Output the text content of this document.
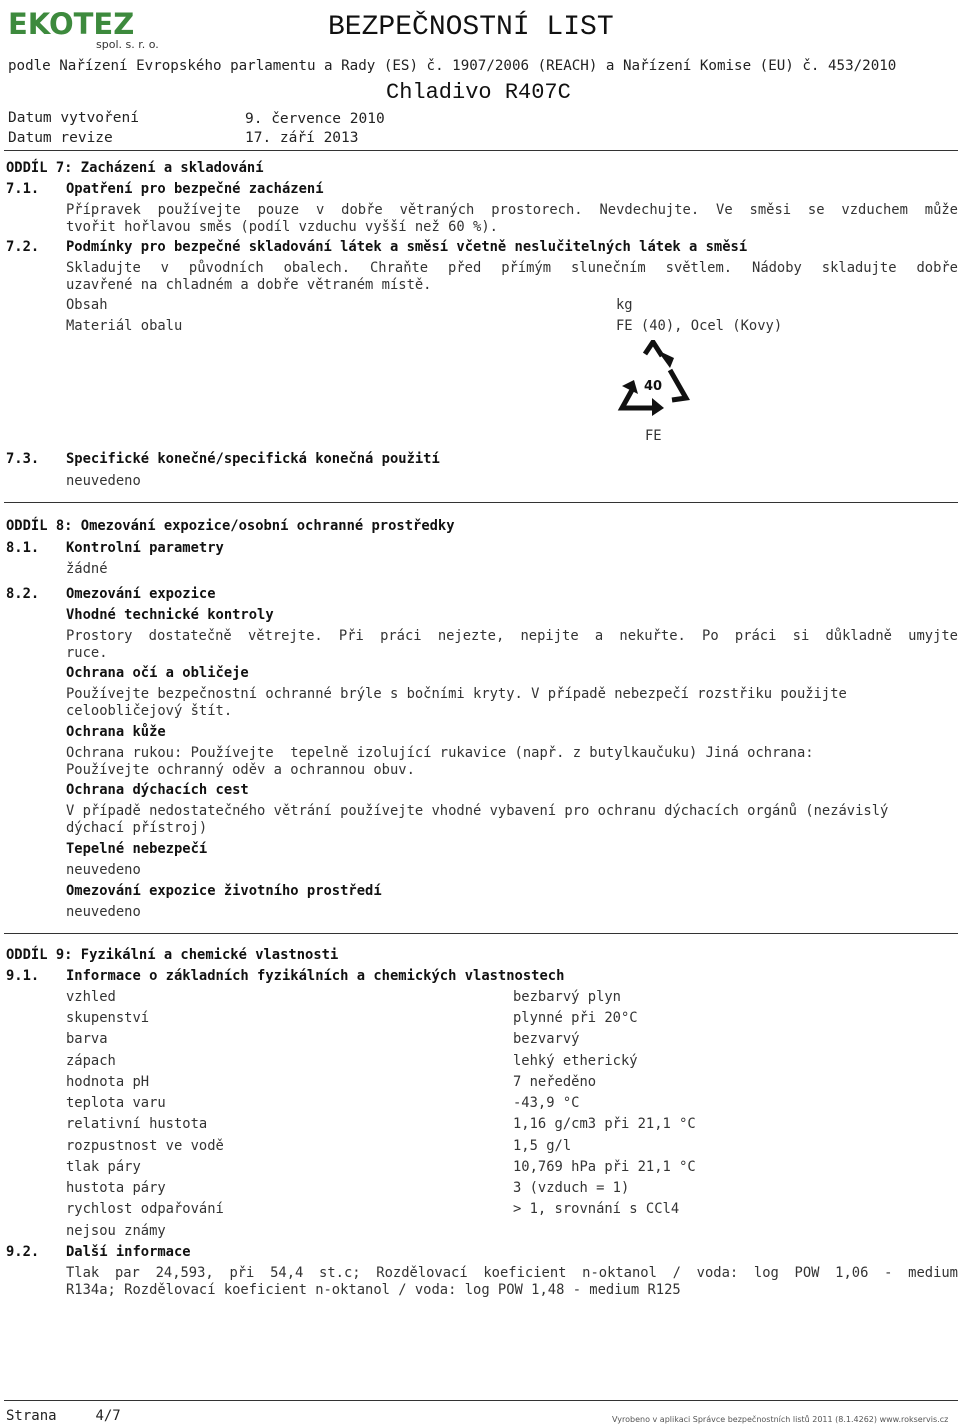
EKOTEZ
spol. s. r. o.
BEZPEČNOSTNÍ LIST
podle Nařízení Evropského parlamentu a Rady (ES) č. 1907/2006 (REACH) a Nařízení Komise (EU) č. 453/2010
Datum vytvoření	9. července 2010
Chladivo R407C
Datum revize	17. září 2013
ODDÍL 7: Zacházení a skladování
7.1. Opatření pro bezpečné zacházení
Přípravek používejte pouze v dobře větraných prostorech. Nevdechujte. Ve směsi se vzduchem může
tvořit hořlavou směs (podíl vzduchu vyšší než 60 %).
7.2. Podmínky pro bezpečné skladování látek a směsí včetně neslučitelných látek a směsí
Skladujte v původních obalech. Chraňte před přímým slunečním světlem. Nádoby skladujte dobře
uzavřené na chladném a dobře větraném místě.
Obsah	kg
Materiál obalu	FE (40), Ocel (Kovy)
40
FE
7.3. Specifické konečné/specifická konečná použití
neuvedeno
ODDÍL 8: Omezování expozice/osobní ochranné prostředky
8.1. Kontrolní parametry
žádné
8.2. Omezování expozice
Vhodné technické kontroly
Prostory dostatečně větrejte. Při práci nejezte, nepijte a nekuřte. Po práci si důkladně umyjte
ruce.
Ochrana očí a obličeje
Používejte bezpečnostní ochranné brýle s bočními kryty. V případě nebezpečí rozstřiku použijte
celoobličejový štít.
Ochrana kůže
Ochrana rukou: Používejte  tepelně izolující rukavice (např. z butylkaučuku) Jiná ochrana:
Používejte ochranný oděv a ochrannou obuv.
Ochrana dýchacích cest
V případě nedostatečného větrání používejte vhodné vybavení pro ochranu dýchacích orgánů (nezávislý
dýchací přístroj)
Tepelné nebezpečí
neuvedeno
Omezování expozice životního prostředí
neuvedeno
ODDÍL 9: Fyzikální a chemické vlastnosti
9.1. Informace o základních fyzikálních a chemických vlastnostech
vzhled	bezbarvý plyn
skupenství	plynné při 20°C
barva	bezvarvý
zápach	lehký etherický
hodnota pH	7 neředěno
teplota varu	-43,9 °C
relativní hustota	1,16 g/cm3 při 21,1 °C
rozpustnost ve vodě	1,5 g/l
tlak páry	10,769 hPa při 21,1 °C
hustota páry	3 (vzduch = 1)
rychlost odpařování	> 1, srovnání s CCl4
nejsou známy
9.2. Další informace
Tlak par 24,593, při 54,4 st.c; Rozdělovací koeficient n-oktanol / voda: log POW 1,06 - medium
R134a; Rozdělovací koeficient n-oktanol / voda: log POW 1,48 - medium R125
Strana	4/7	Vyrobeno v aplikaci Správce bezpečnostních listů 2011 (8.1.4262) www.rokservis.cz
